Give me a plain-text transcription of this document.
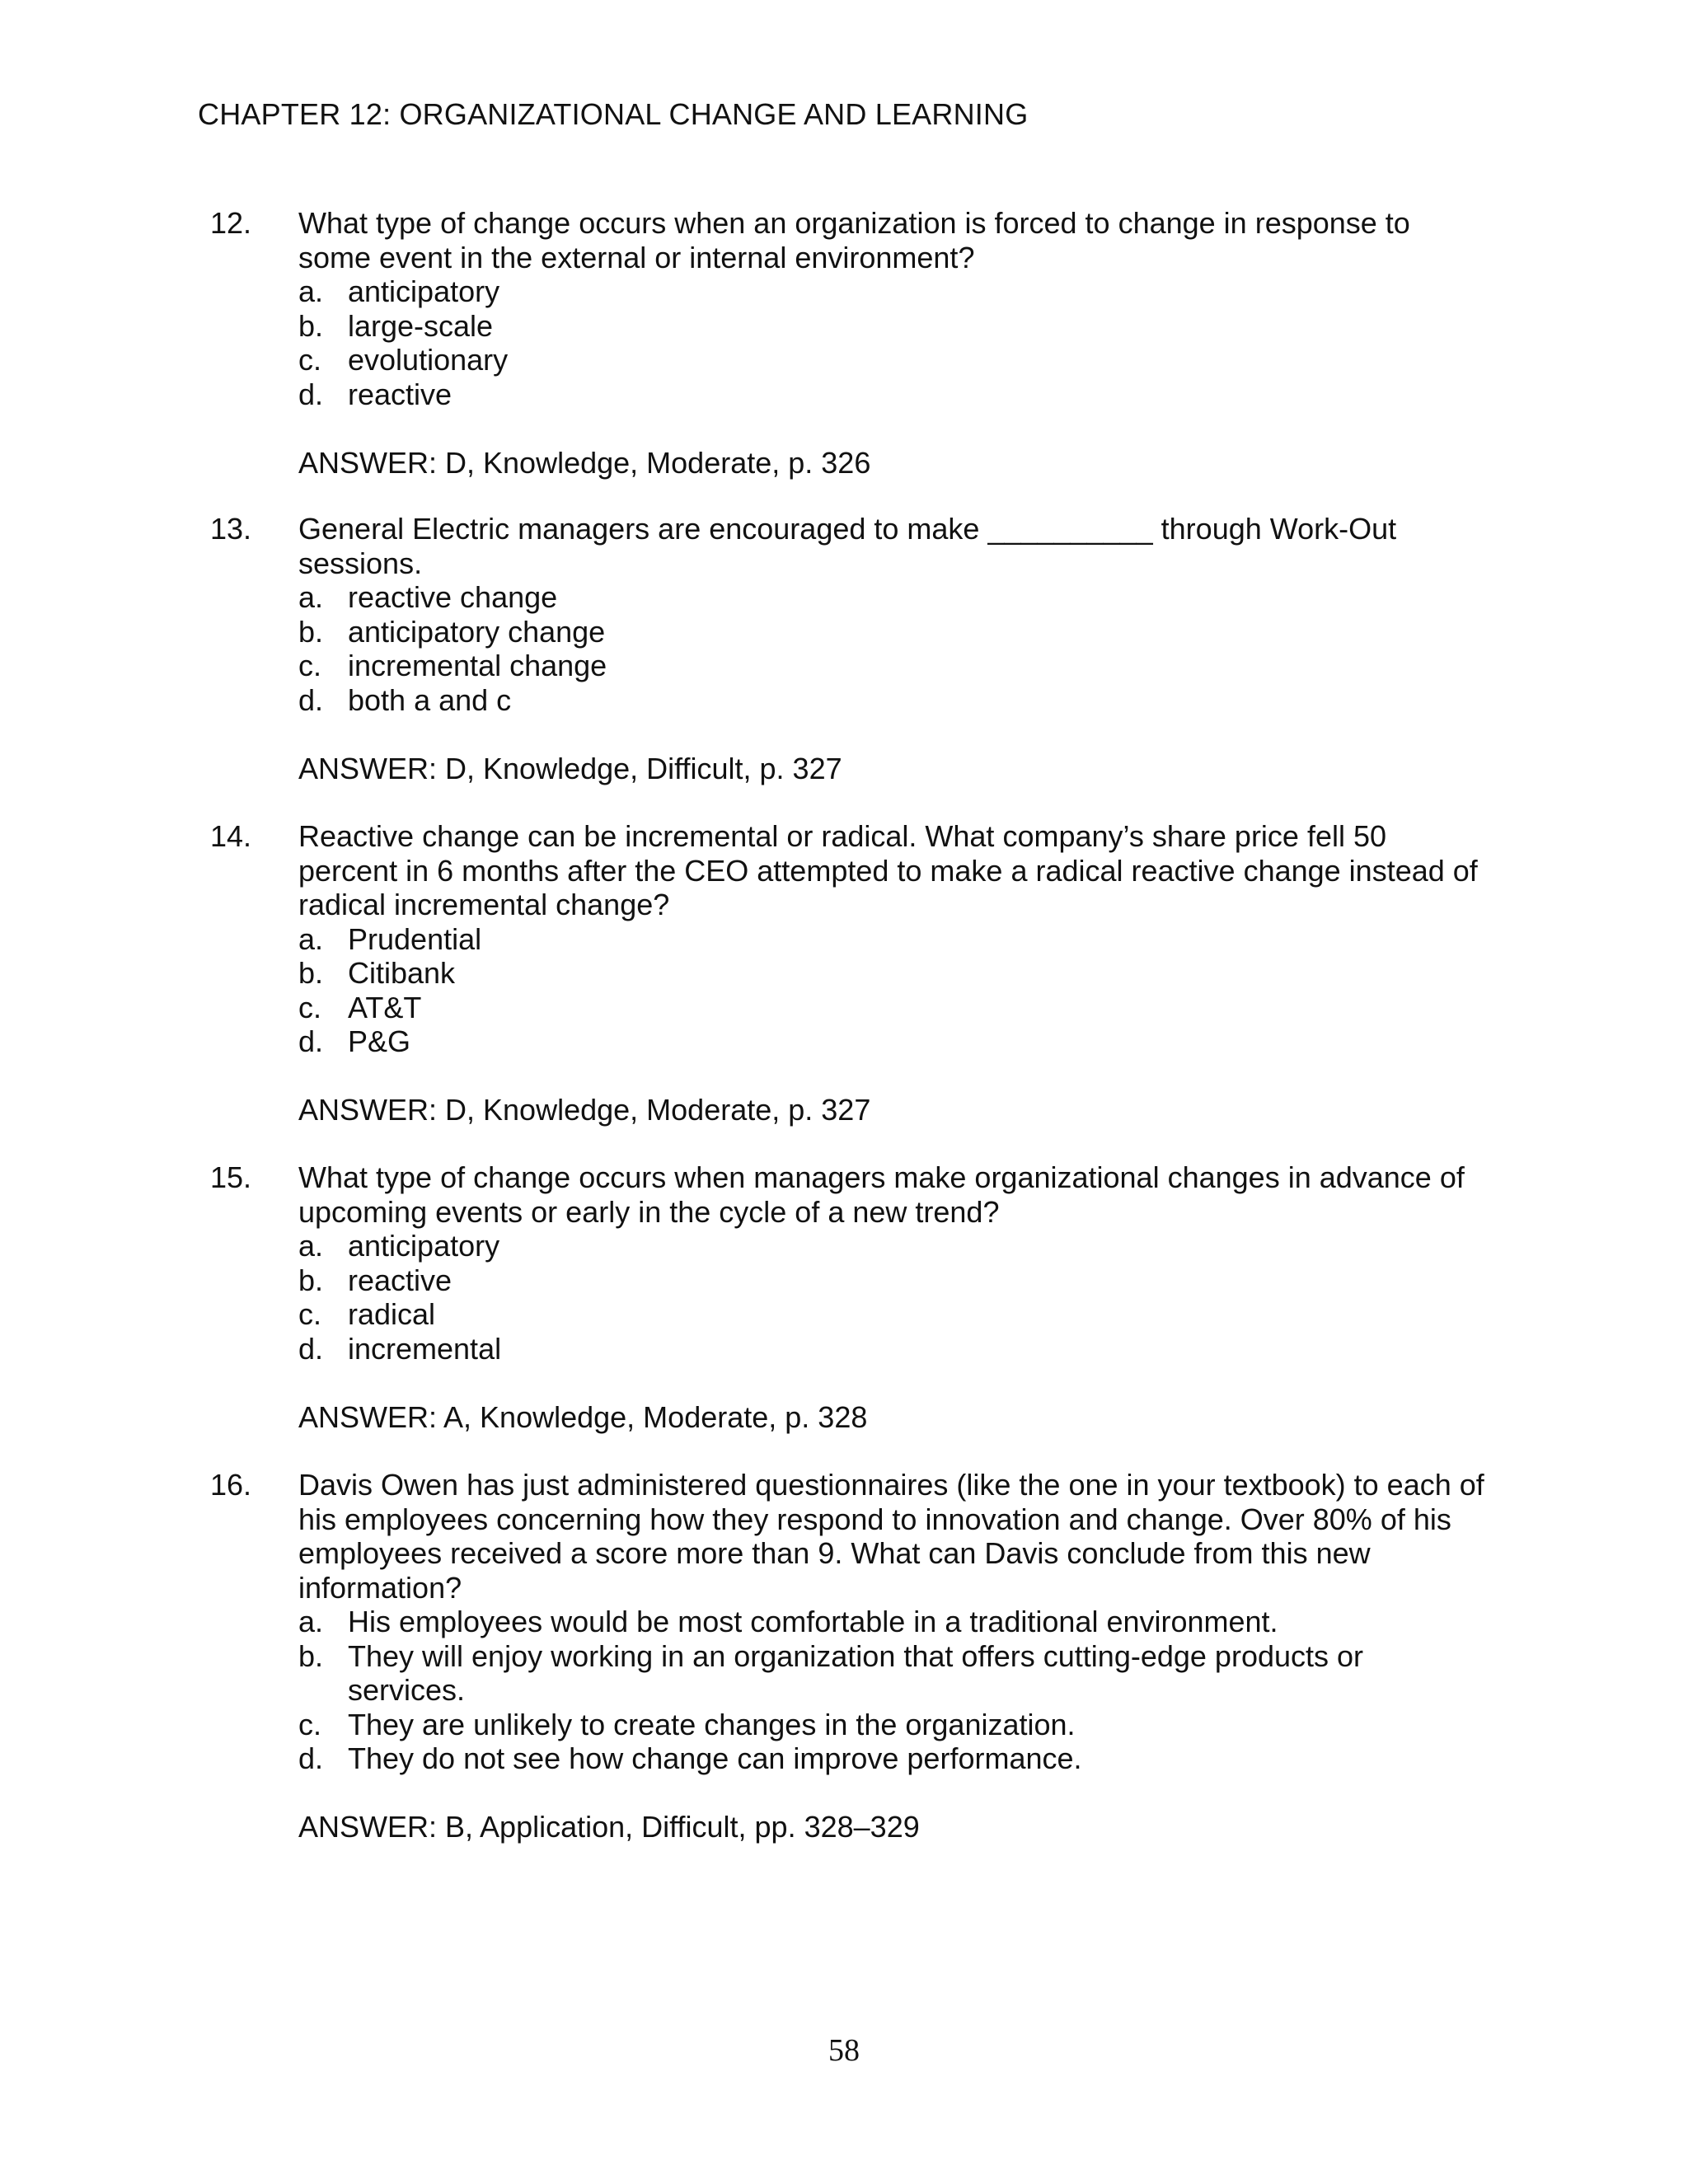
CHAPTER 12: ORGANIZATIONAL CHANGE AND LEARNING
12. What type of change occurs when an organization is forced to change in response to some event in the external or internal environment?

a. anticipatory
b. large-scale
c. evolutionary
d. reactive

ANSWER: D, Knowledge, Moderate, p. 326

13. General Electric managers are encouraged to make __________ through Work-Out sessions.

a. reactive change
b. anticipatory change
c. incremental change
d. both a and c

ANSWER: D, Knowledge, Difficult, p. 327

14. Reactive change can be incremental or radical. What company’s share price fell 50 percent in 6 months after the CEO attempted to make a radical reactive change instead of radical incremental change?

a. Prudential
b. Citibank
c. AT&T
d. P&G

ANSWER: D, Knowledge, Moderate, p. 327

15. What type of change occurs when managers make organizational changes in advance of upcoming events or early in the cycle of a new trend?

a. anticipatory
b. reactive
c. radical
d. incremental

ANSWER: A, Knowledge, Moderate, p. 328

16. Davis Owen has just administered questionnaires (like the one in your textbook) to each of his employees concerning how they respond to innovation and change. Over 80% of his employees received a score more than 9. What can Davis conclude from this new information?

a. His employees would be most comfortable in a traditional environment.
b. They will enjoy working in an organization that offers cutting-edge products or services.
c. They are unlikely to create changes in the organization.
d. They do not see how change can improve performance.

ANSWER: B, Application, Difficult, pp. 328–329

58
